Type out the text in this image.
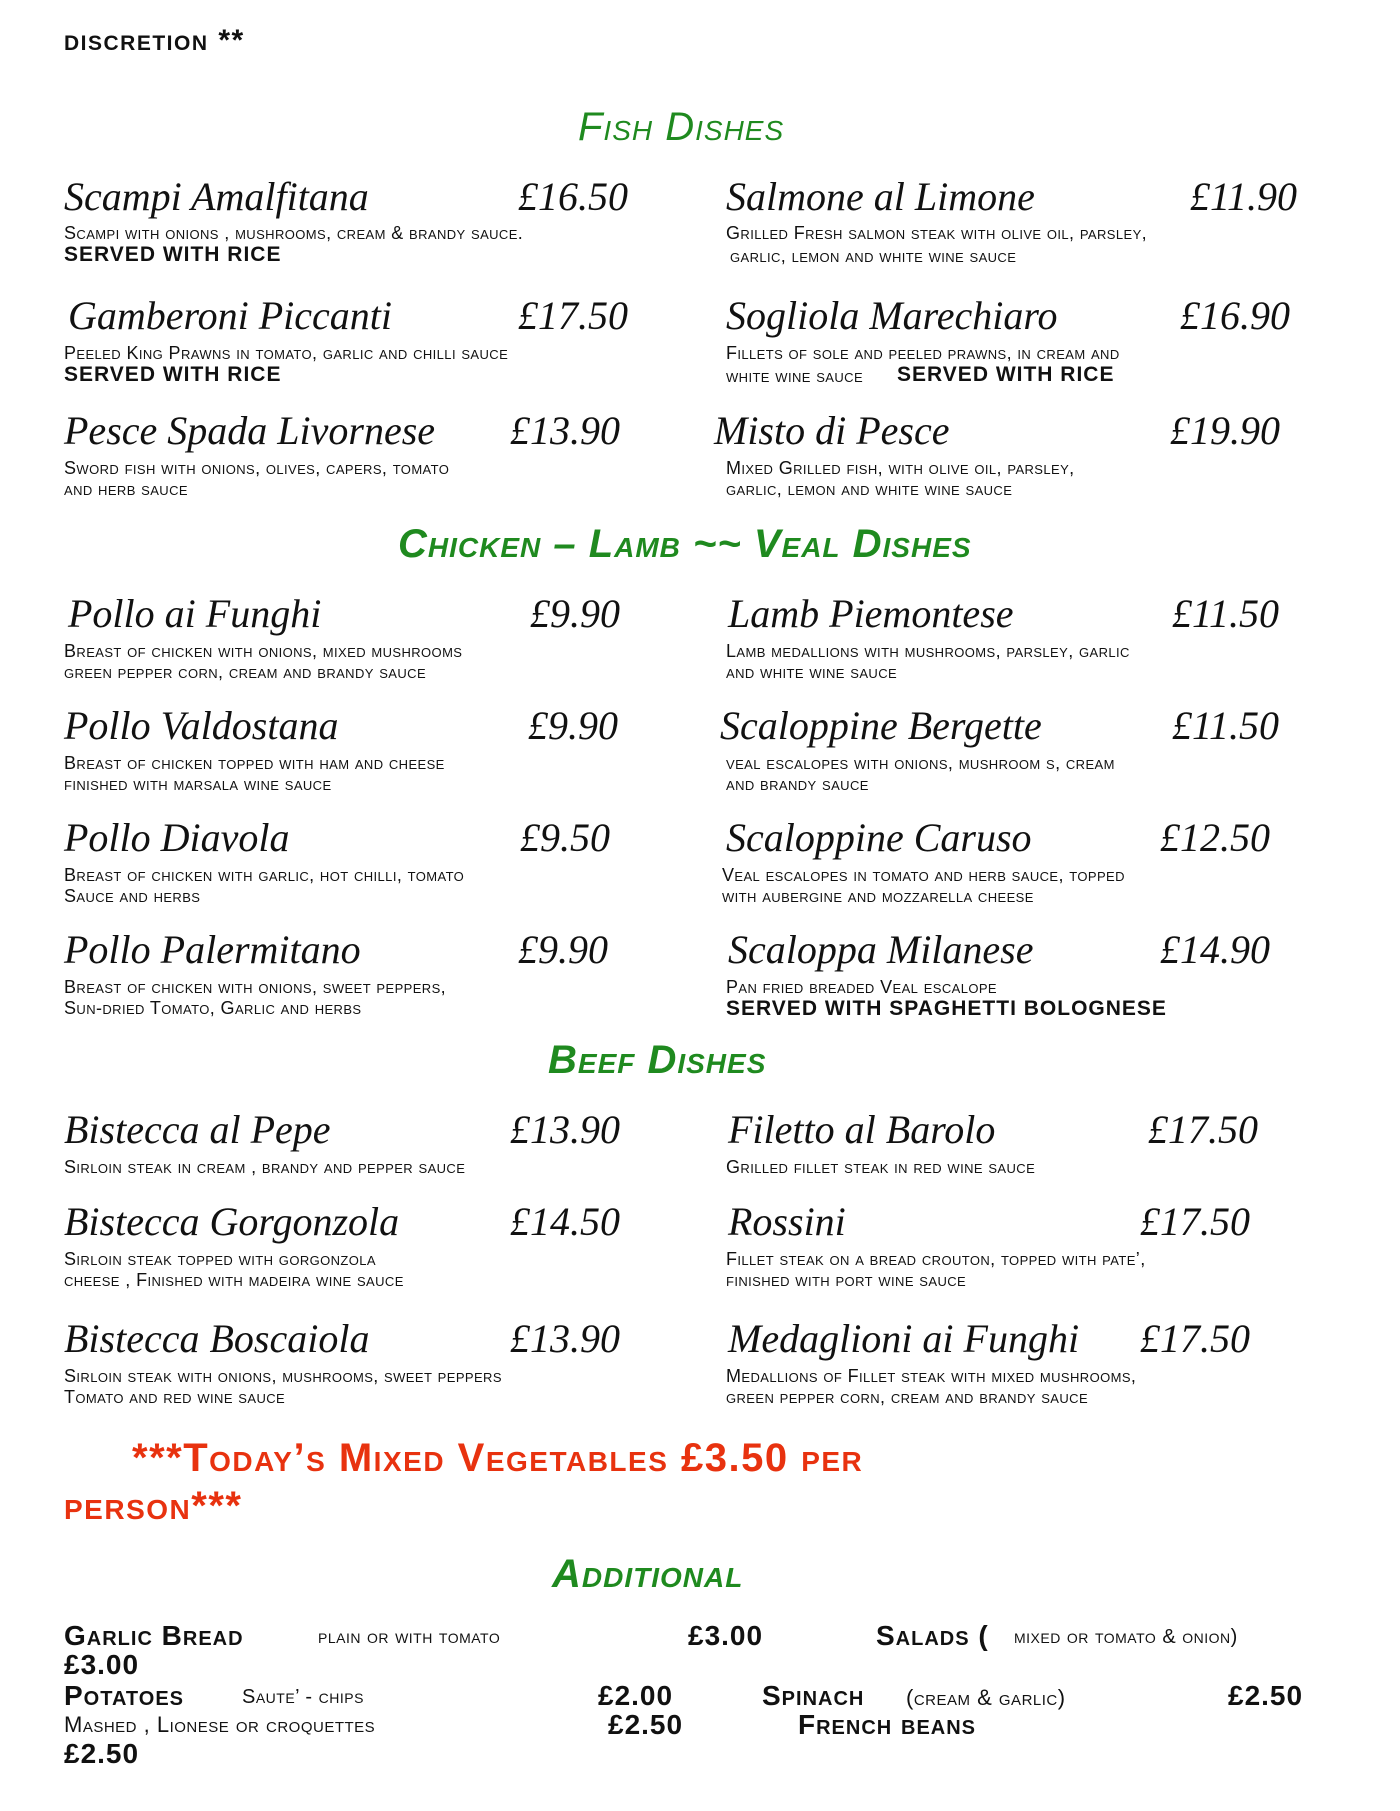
discretion **
Fish Dishes
Scampi Amalfitana	£16.50
Scampi with onions , mushrooms, cream & brandy sauce.
SERVED WITH RICE
Salmone al Limone	£11.90
Grilled Fresh salmon steak with olive oil, parsley,
garlic, lemon and white wine sauce
Gamberoni Piccanti	£17.50
Peeled King Prawns in tomato, garlic and chilli sauce
SERVED WITH RICE
Sogliola Marechiaro	£16.90
Fillets of sole and peeled prawns, in cream and
white wine sauce SERVED WITH RICE
Pesce Spada Livornese £13.90
Sword fish with onions, olives, capers, tomato
and herb sauce
Misto di Pesce	£19.90
Mixed Grilled fish, with olive oil, parsley,
garlic, lemon and white wine sauce
Chicken – Lamb ~~ Veal Dishes
Pollo ai Funghi	£9.90
Breast of chicken with onions, mixed mushrooms
green pepper corn, cream and brandy sauce
Lamb Piemontese	£11.50
Lamb medallions with mushrooms, parsley, garlic
and white wine sauce
Pollo Valdostana	£9.90
Breast of chicken topped with ham and cheese
finished with marsala wine sauce
Scaloppine Bergette	£11.50
veal escalopes with onions, mushroom s, cream
and brandy sauce
Pollo Diavola	£9.50
Breast of chicken with garlic, hot chilli, tomato
Sauce and herbs
Scaloppine Caruso	£12.50
Veal escalopes in tomato and herb sauce, topped
with aubergine and mozzarella cheese
Pollo Palermitano	£9.90
Breast of chicken with onions, sweet peppers,
Sun-dried Tomato, Garlic and herbs
Scaloppa Milanese	£14.90
Pan fried breaded Veal escalope
SERVED WITH SPAGHETTI BOLOGNESE
Beef Dishes
Bistecca al Pepe	£13.90
Sirloin steak in cream , brandy and pepper sauce
Filetto al Barolo	£17.50
Grilled fillet steak in red wine sauce
Bistecca Gorgonzola	£14.50
Sirloin steak topped with gorgonzola
cheese , Finished with madeira wine sauce
Rossini	£17.50
Fillet steak on a bread crouton, topped with pate’,
finished with port wine sauce
Bistecca Boscaiola	£13.90
Sirloin steak with onions, mushrooms, sweet peppers
Tomato and red wine sauce
Medaglioni ai Funghi £17.50
Medallions of Fillet steak with mixed mushrooms,
green pepper corn, cream and brandy sauce
***Today’s Mixed Vegetables £3.50 per
person***
Additional
Garlic Bread	plain or with tomato	£3.00	Salads ( mixed or tomato & onion)
£3.00
Potatoes	Saute’ - chips	£2.00	Spinach (cream & garlic)	£2.50
Mashed , Lionese or croquettes	£2.50	French beans
£2.50
